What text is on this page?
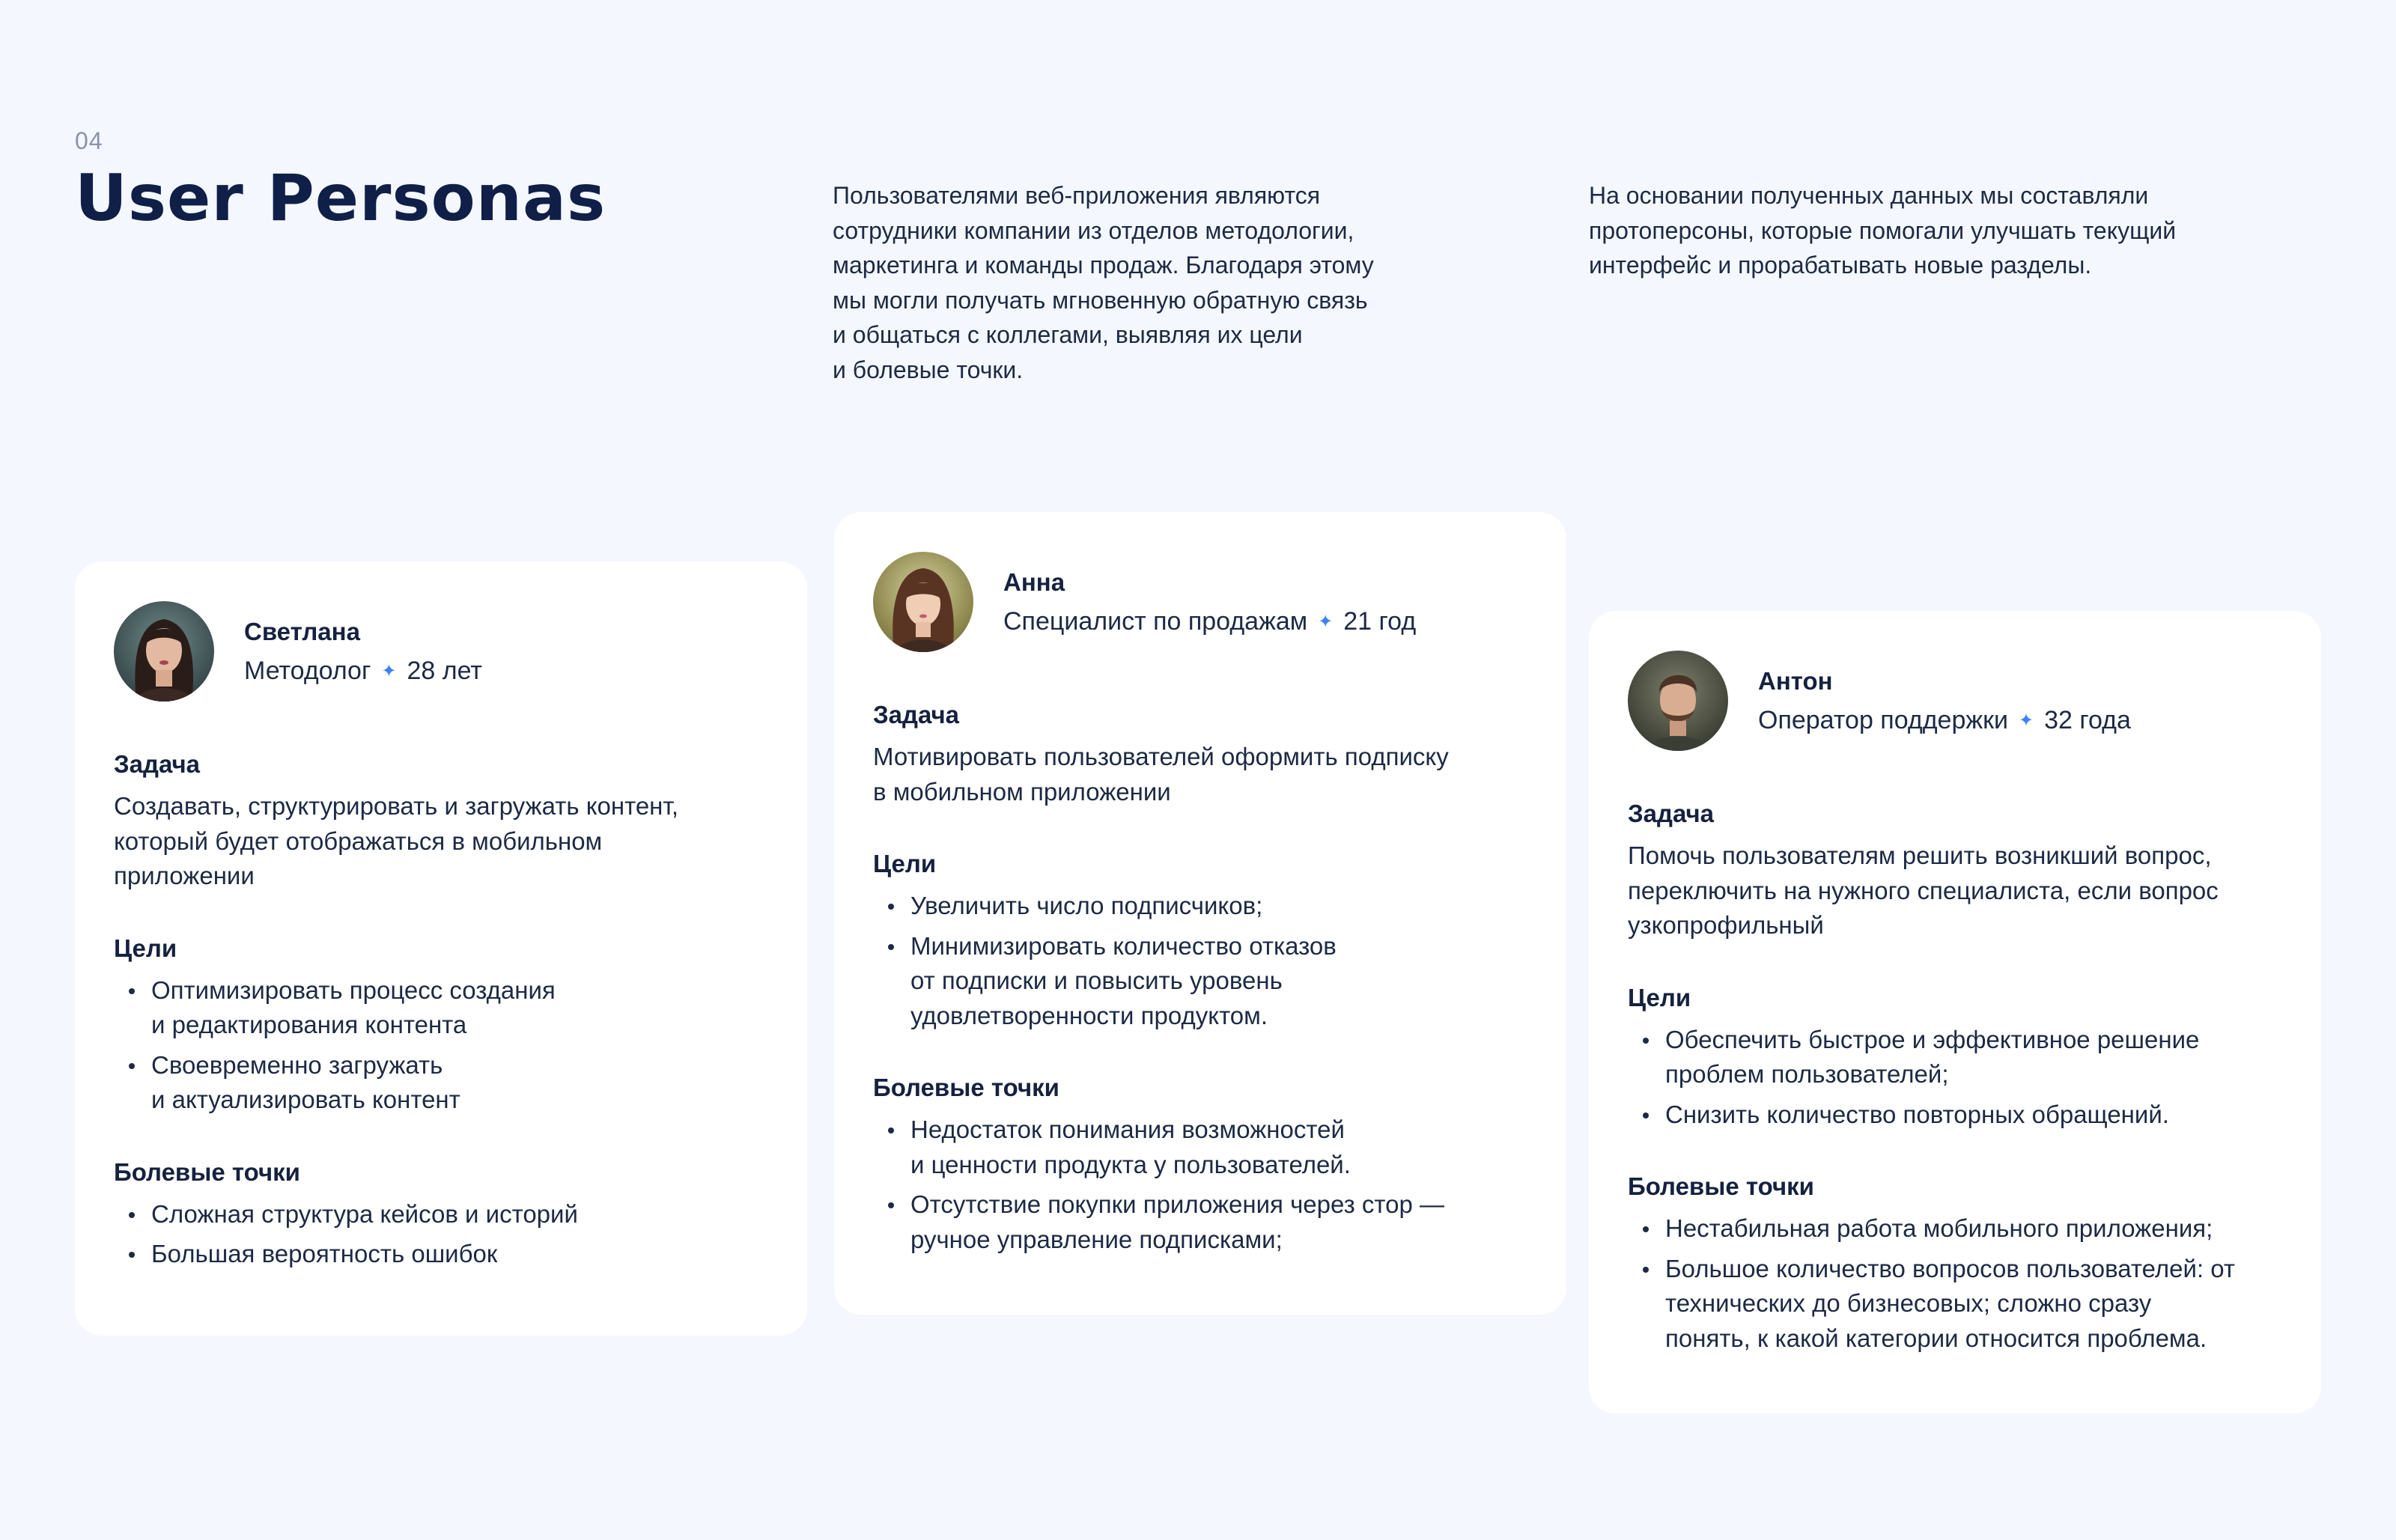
04
User Personas	Пользователями веб-приложения являются
сотрудники компании из отделов методологии,
маркетинга и команды продаж. Благодаря этому
мы могли получать мгновенную обратную связь
и общаться с коллегами, выявляя их цели
и болевые точки.

На основании полученных данных мы составляли
протоперсоны, которые помогали улучшать текущий
интерфейс и прорабатывать новые разделы.

Светлана
Методолог ✦ 28 лет
Задача

Создавать, структурировать и загружать контент,
который будет отображаться в мобильном
приложении

Цели
Оптимизировать процесс создания
и редактирования контента
Своевременно загружать
и актуализировать контент
Болевые точки
Сложная структура кейсов и историй
Большая вероятность ошибок
Анна
Специалист по продажам ✦ 21 год
Задача

Мотивировать пользователей оформить подписку
в мобильном приложении

Цели
Увеличить число подписчиков;
Минимизировать количество отказов
от подписки и повысить уровень
удовлетворенности продуктом.
Болевые точки
Недостаток понимания возможностей
и ценности продукта у пользователей.
Отсутствие покупки приложения через стор —
ручное управление подписками;
Антон
Оператор поддержки ✦ 32 года
Задача

Помочь пользователям решить возникший вопрос,
переключить на нужного специалиста, если вопрос
узкопрофильный

Цели
Обеспечить быстрое и эффективное решение
проблем пользователей;
Снизить количество повторных обращений.
Болевые точки
Нестабильная работа мобильного приложения;
Большое количество вопросов пользователей: от
технических до бизнесовых; сложно сразу
понять, к какой категории относится проблема.
